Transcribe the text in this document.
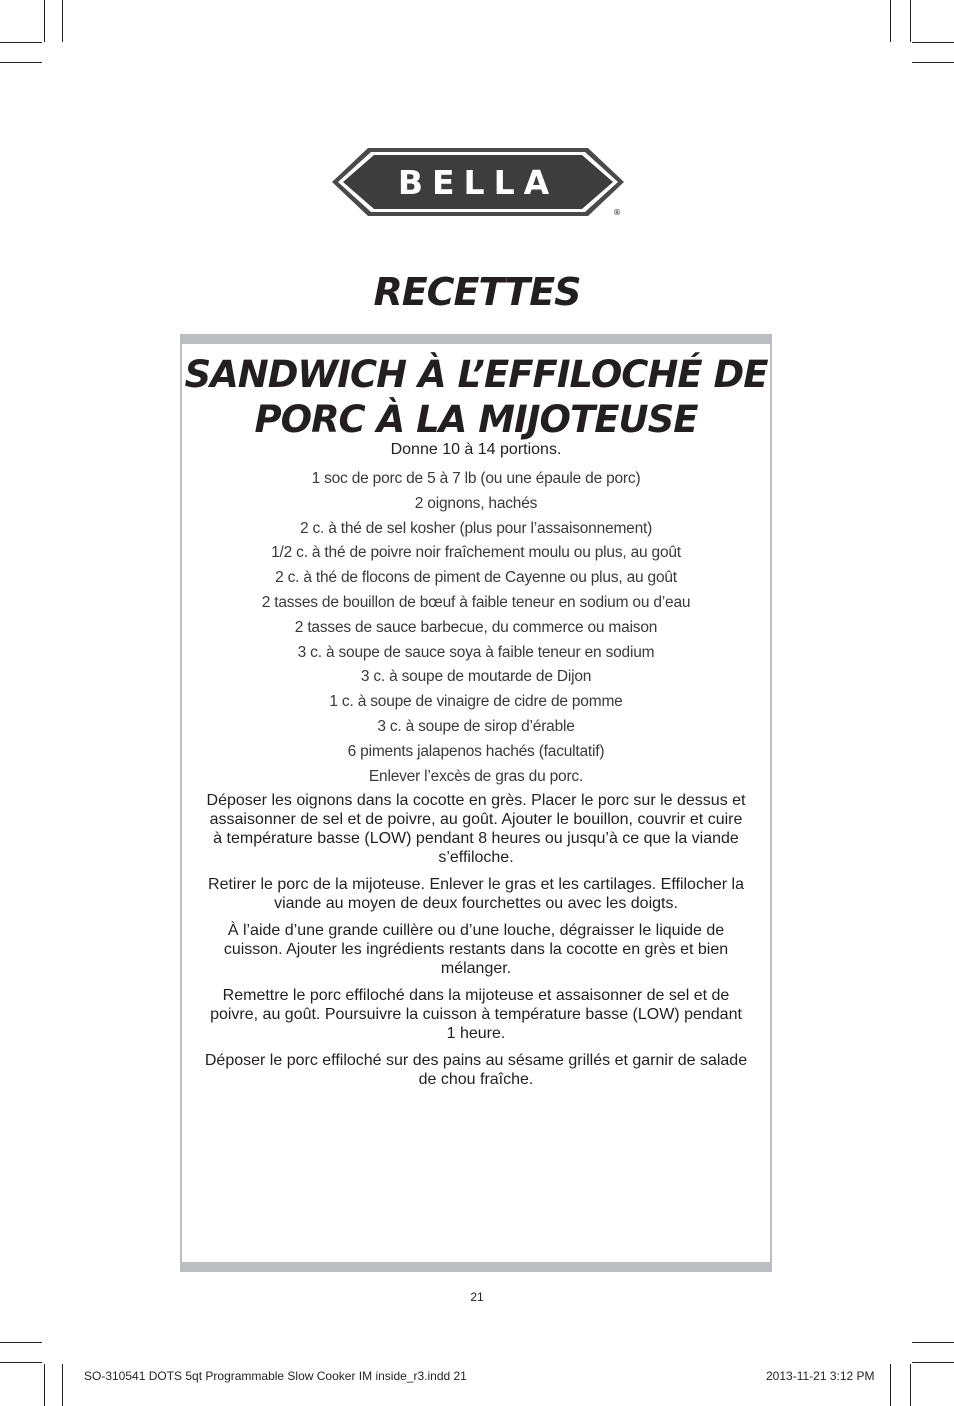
BELLA
®
RECETTES
SANDWICH À L’EFFILOCHÉ DE
PORC À LA MIJOTEUSE

Donne 10 à 14 portions.

1 soc de porc de 5 à 7 lb (ou une épaule de porc)
2 oignons, hachés
2 c. à thé de sel kosher (plus pour l’assaisonnement)
1/2 c. à thé de poivre noir fraîchement moulu ou plus, au goût
2 c. à thé de flocons de piment de Cayenne ou plus, au goût
2 tasses de bouillon de bœuf à faible teneur en sodium ou d’eau
2 tasses de sauce barbecue, du commerce ou maison
3 c. à soupe de sauce soya à faible teneur en sodium
3 c. à soupe de moutarde de Dijon
1 c. à soupe de vinaigre de cidre de pomme
3 c. à soupe de sirop d’érable
6 piments jalapenos hachés (facultatif)
Enlever l’excès de gras du porc.

Déposer les oignons dans la cocotte en grès. Placer le porc sur le dessus et assaisonner de sel et de poivre, au goût. Ajouter le bouillon, couvrir et cuire à température basse (LOW) pendant 8 heures ou jusqu’à ce que la viande s’effiloche.

Retirer le porc de la mijoteuse. Enlever le gras et les cartilages. Effilocher la viande au moyen de deux fourchettes ou avec les doigts.

À l’aide d’une grande cuillère ou d’une louche, dégraisser le liquide de cuisson. Ajouter les ingrédients restants dans la cocotte en grès et bien mélanger.

Remettre le porc effiloché dans la mijoteuse et assaisonner de sel et de poivre, au goût. Poursuivre la cuisson à température basse (LOW) pendant 1 heure.

Déposer le porc effiloché sur des pains au sésame grillés et garnir de salade de chou fraîche.

21
SO-310541 DOTS 5qt Programmable Slow Cooker IM inside_r3.indd 21	2013-11-21 3:12 PM
